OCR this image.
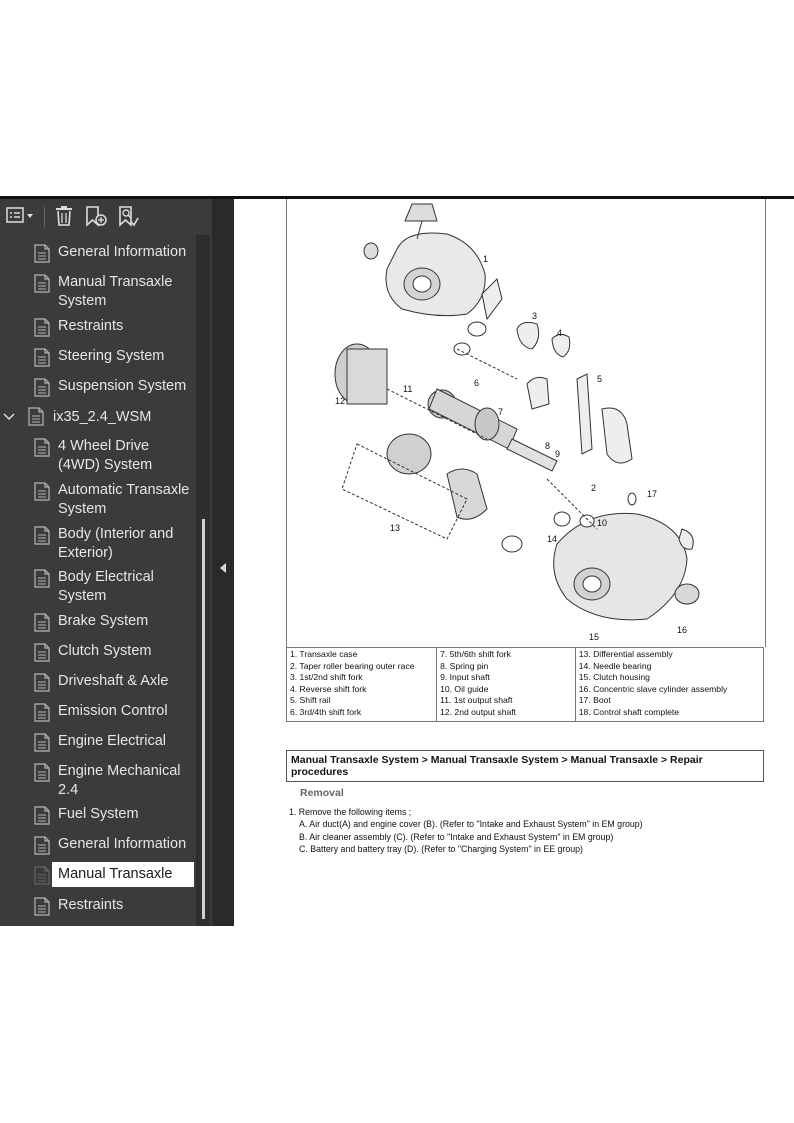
General Information
Manual Transaxle System
Restraints
Steering System
Suspension System
ix35_2.4_WSM
4 Wheel Drive (4WD) System
Automatic Transaxle System
Body (Interior and Exterior)
Body Electrical System
Brake System
Clutch System
Driveshaft & Axle
Emission Control
Engine Electrical
Engine Mechanical 2.4
Fuel System
General Information
Manual Transaxle
Restraints
1
2
3
4
5
6
7
8
9
10
11
12
13
14
15
16
17
1. Transaxle case
2. Taper roller bearing outer race
3. 1st/2nd shift fork
4. Reverse shift fork
5. Shift rail
6. 3rd/4th shift fork
7. 5th/6th shift fork
8. Spring pin
9. Input shaft
10. Oil guide
11. 1st output shaft
12. 2nd output shaft
13. Differential assembly
14. Needle bearing
15. Clutch housing
16. Concentric slave cylinder assembly
17. Boot
18. Control shaft complete
Manual Transaxle System > Manual Transaxle System > Manual Transaxle > Repair procedures
Removal
1. Remove the following items ;
A. Air duct(A) and engine cover (B). (Refer to "Intake and Exhaust System" in EM group)
B. Air cleaner assembly (C). (Refer to "Intake and Exhaust System" in EM group)
C. Battery and battery tray (D). (Refer to "Charging System" in EE group)
